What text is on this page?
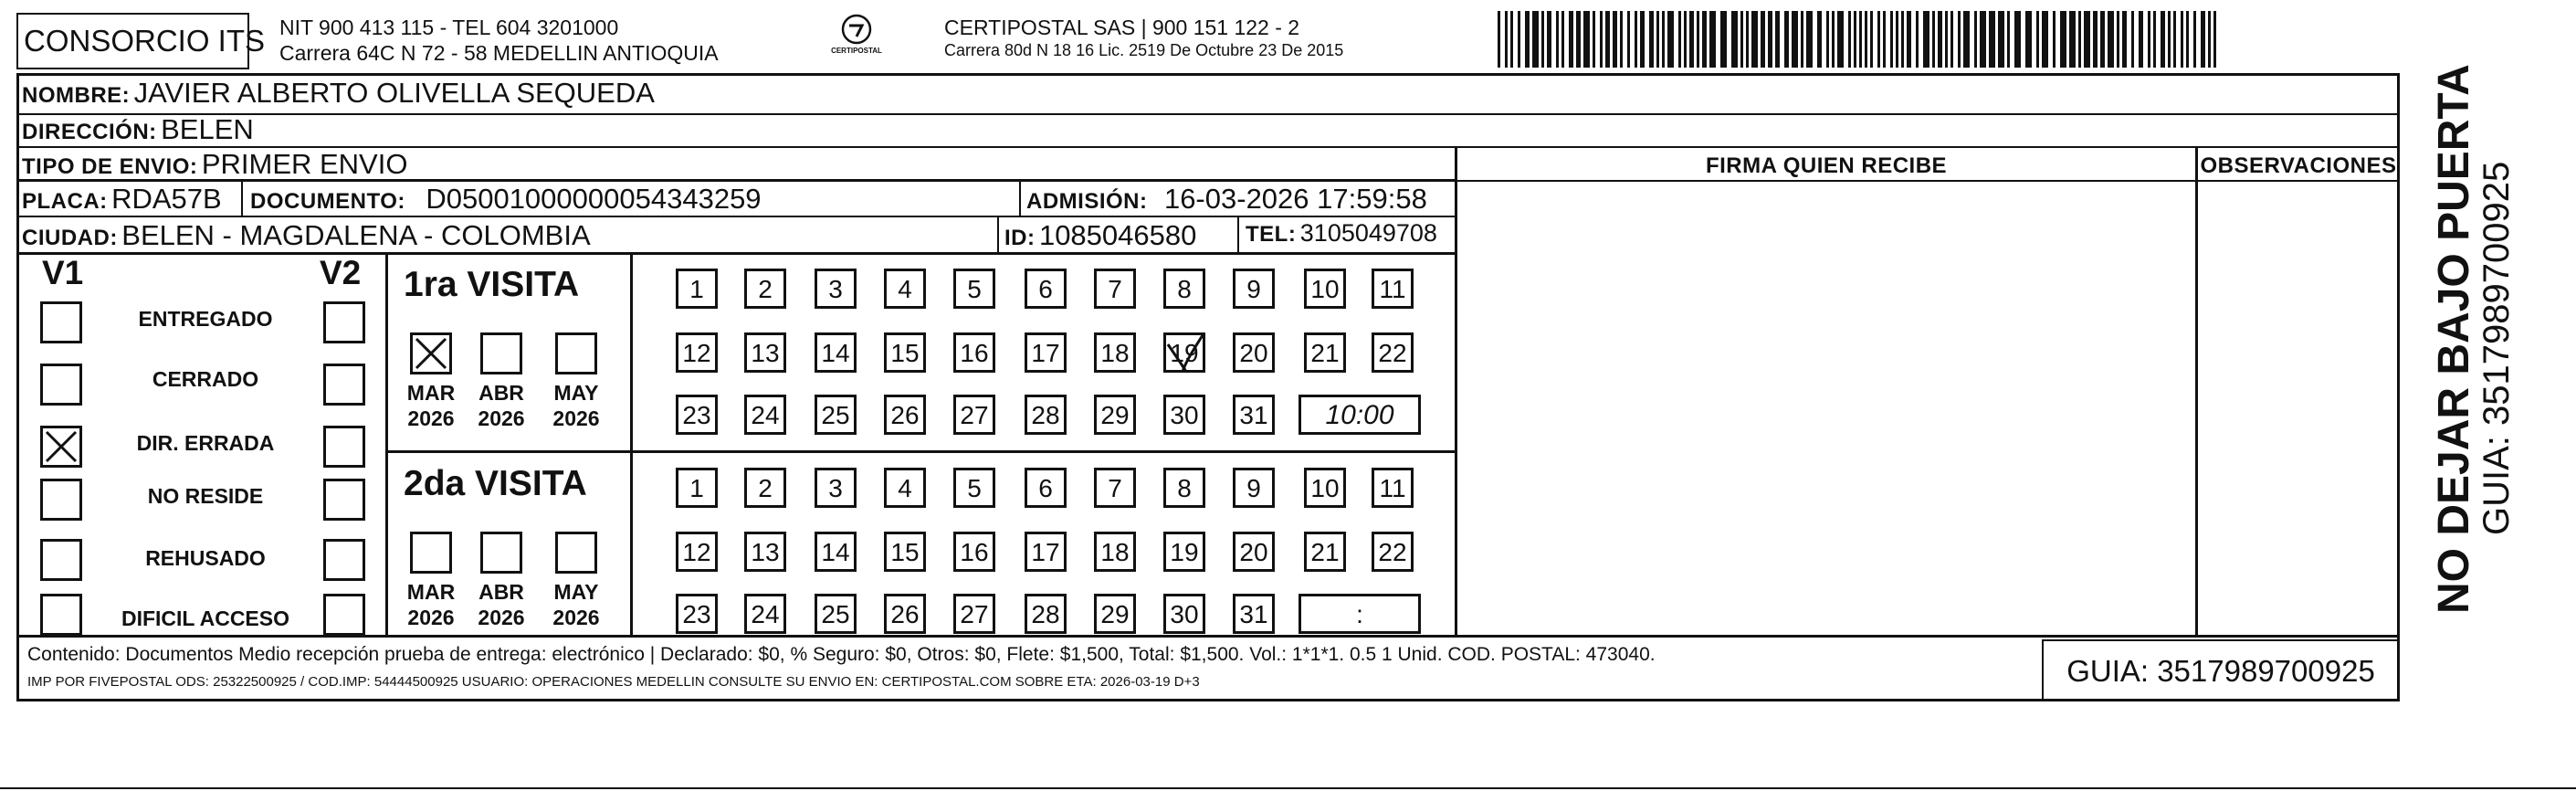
CONSORCIO ITS NIT 900 413 115 - TEL 604 3201000
Carrera 64C N 72 - 58 MEDELLIN ANTIOQUIA	CERTIPOSTAL
CERTIPOSTAL SAS | 900 151 122 - 2
Carrera 80d N 18 16 Lic. 2519 De Octubre 23 De 2015
NOMBRE: JAVIER ALBERTO OLIVELLA SEQUEDA
DIRECCIÓN: BELEN
TIPO DE ENVIO: PRIMER ENVIO
PLACA: RDA57B DOCUMENTO: D05001000000054343259	ADMISIÓN: 16-03-2026 17:59:58
CIUDAD: BELEN - MAGDALENA - COLOMBIA	ID: 1085046580 TEL: 3105049708
FIRMA QUIEN RECIBE	OBSERVACIONES
V1	V2
ENTREGADO
CERRADO
DIR. ERRADA
NO RESIDE
REHUSADO
DIFICIL ACCESO
1ra VISITA
MAR
2026
ABR
2026
MAY
2026
1	2	3	4	5	6	7	8	9	10	11
12 13 14 15 16 17 18 19 20 21 22
23 24 25 26 27 28 29 30 31	10:00
2da VISITA
MAR
2026
ABR
2026
MAY
2026
1	2	3	4	5	6	7	8	9	10	11
12 13 14 15 16 17 18 19 20 21 22
23 24 25 26 27 28 29 30 31	:
Contenido: Documentos Medio recepción prueba de entrega: electrónico | Declarado: $0, % Seguro: $0, Otros: $0, Flete: $1,500, Total: $1,500. Vol.: 1*1*1. 0.5 1 Unid. COD. POSTAL: 473040.
IMP POR FIVEPOSTAL ODS: 25322500925 / COD.IMP: 54444500925 USUARIO: OPERACIONES MEDELLIN CONSULTE SU ENVIO EN: CERTIPOSTAL.COM SOBRE ETA: 2026-03-19 D+3	GUIA: 3517989700925
NO DEJAR BAJO PUERTA
GUIA: 3517989700925
